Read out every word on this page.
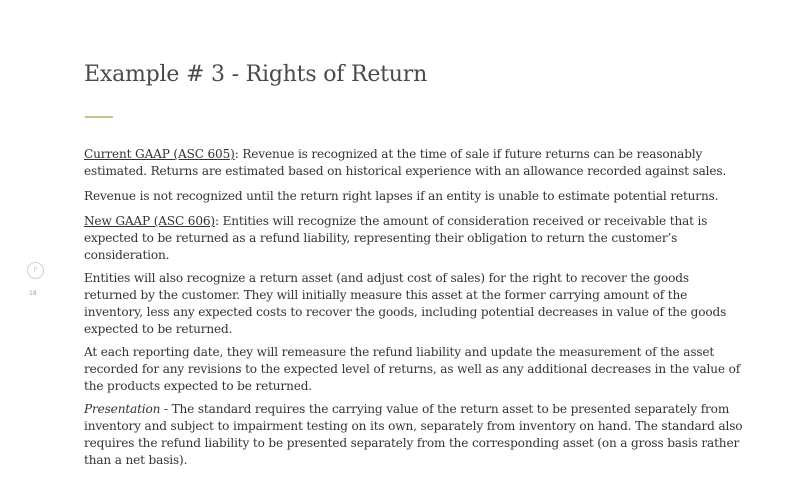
Example # 3 - Rights of Return
P
18

Current GAAP (ASC 605): Revenue is recognized at the time of sale if future returns can be reasonably estimated. Returns are estimated based on historical experience with an allowance recorded against sales.

Revenue is not recognized until the return right lapses if an entity is unable to estimate potential returns.

New GAAP (ASC 606): Entities will recognize the amount of consideration received or receivable that is expected to be returned as a refund liability, representing their obligation to return the customer’s consideration.

Entities will also recognize a return asset (and adjust cost of sales) for the right to recover the goods returned by the customer. They will initially measure this asset at the former carrying amount of the inventory, less any expected costs to recover the goods, including potential decreases in value of the goods expected to be returned.

At each reporting date, they will remeasure the refund liability and update the measurement of the asset recorded for any revisions to the expected level of returns, as well as any additional decreases in the value of the products expected to be returned.

Presentation - The standard requires the carrying value of the return asset to be presented separately from inventory and subject to impairment testing on its own, separately from inventory on hand. The standard also requires the refund liability to be presented separately from the corresponding asset (on a gross basis rather than a net basis).
